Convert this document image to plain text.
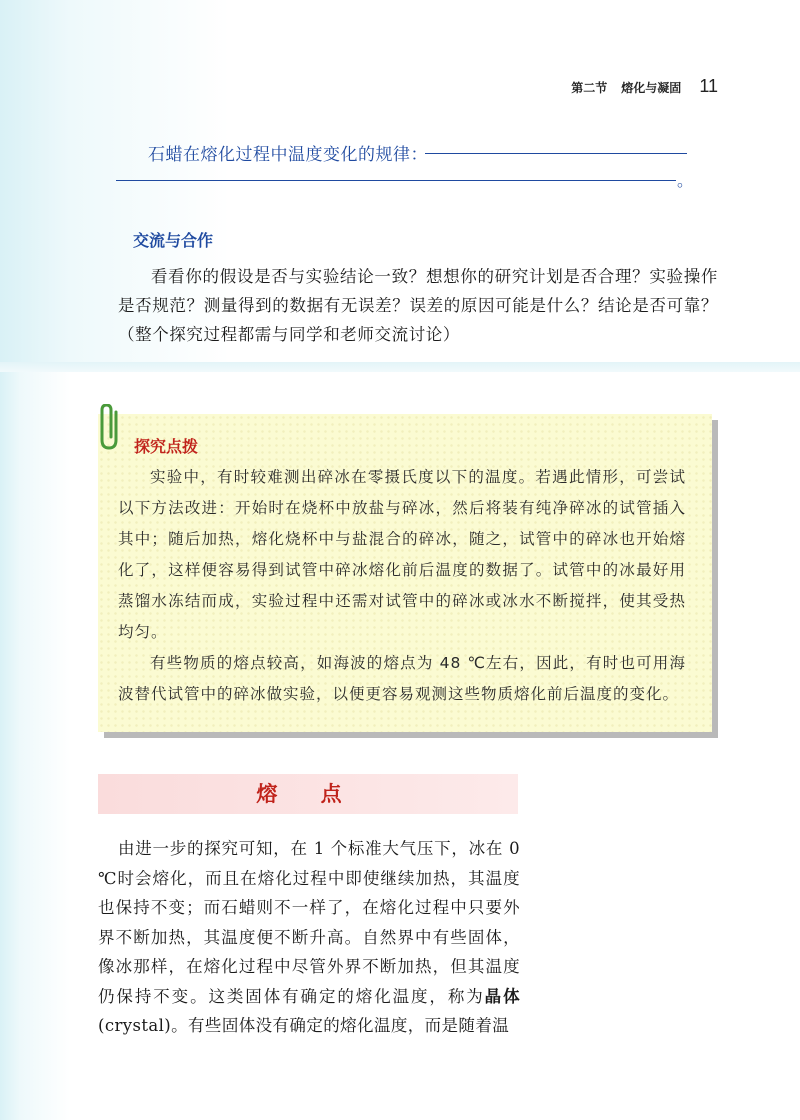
第二节 熔化与凝固 11
石蜡在熔化过程中温度变化的规律：
。
交流与合作
看看你的假设是否与实验结论一致？想想你的研究计划是否合理？实验操作是否规范？测量得到的数据有无误差？误差的原因可能是什么？结论是否可靠？（整个探究过程都需与同学和老师交流讨论）
探究点拨

实验中，有时较难测出碎冰在零摄氏度以下的温度。若遇此情形，可尝试以下方法改进：开始时在烧杯中放盐与碎冰，然后将装有纯净碎冰的试管插入其中；随后加热，熔化烧杯中与盐混合的碎冰，随之，试管中的碎冰也开始熔化了，这样便容易得到试管中碎冰熔化前后温度的数据了。试管中的冰最好用蒸馏水冻结而成，实验过程中还需对试管中的碎冰或冰水不断搅拌，使其受热均匀。

有些物质的熔点较高，如海波的熔点为 48 ℃左右，因此，有时也可用海波替代试管中的碎冰做实验，以便更容易观测这些物质熔化前后温度的变化。

熔 点
由进一步的探究可知，在 1 个标准大气压下，冰在 0 ℃时会熔化，而且在熔化过程中即使继续加热，其温度也保持不变；而石蜡则不一样了，在熔化过程中只要外界不断加热，其温度便不断升高。自然界中有些固体，像冰那样，在熔化过程中尽管外界不断加热，但其温度仍保持不变。这类固体有确定的熔化温度，称为晶体(crystal)。有些固体没有确定的熔化温度，而是随着温
